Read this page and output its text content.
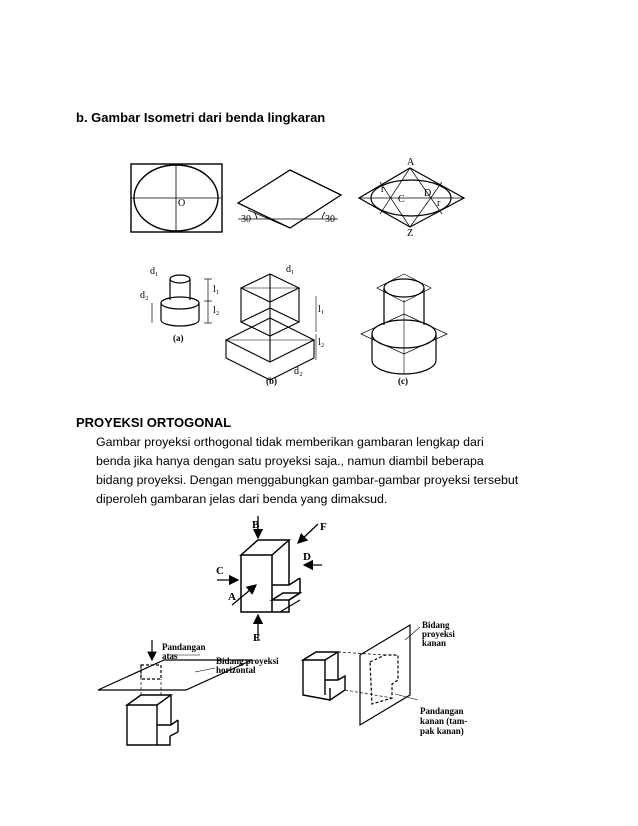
b. Gambar Isometri dari benda lingkaran
O
30	30
A
C
D
Z
r
r
d₁
d₂
l₁
l₂
(a)
d₁
l₁
l₂
d₂
(b)	(c)
B	F
C
D
A
E
Pandangan
atas	Bidang proyeksi
horizontal
Bidang
proyeksi
kanan
Pandangan
kanan (tam-
pak kanan)
PROYEKSI ORTOGONAL
Gambar proyeksi orthogonal tidak memberikan gambaran lengkap dari
benda jika hanya dengan satu proyeksi saja., namun diambil beberapa
bidang proyeksi. Dengan menggabungkan gambar-gambar proyeksi tersebut
diperoleh gambaran jelas dari benda yang dimaksud.
